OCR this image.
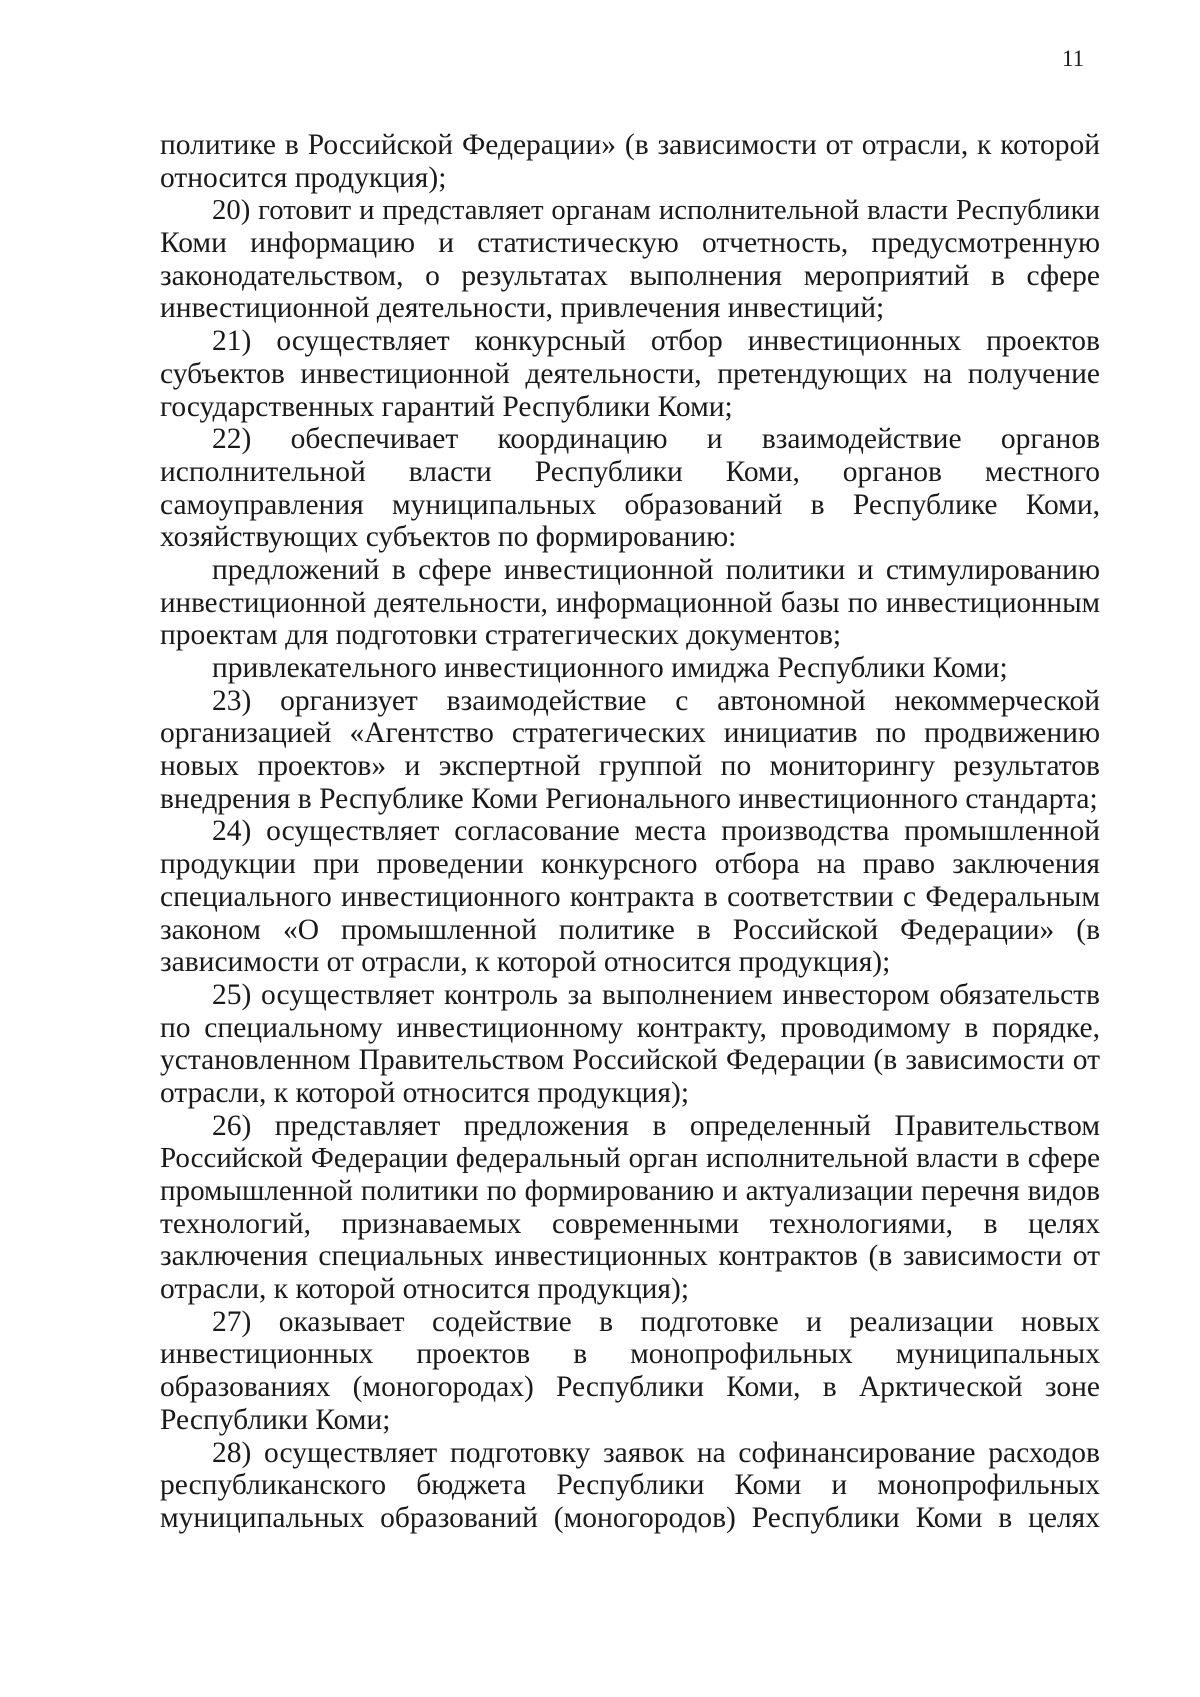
11
политике в Российской Федерации» (в зависимости от отрасли, к которой
относится продукция);
20) готовит и представляет органам исполнительной власти Республики
Коми информацию и статистическую отчетность, предусмотренную
законодательством, о результатах выполнения мероприятий в сфере
инвестиционной деятельности, привлечения инвестиций;
21) осуществляет конкурсный отбор инвестиционных проектов
субъектов инвестиционной деятельности, претендующих на получение
государственных гарантий Республики Коми;
22) обеспечивает координацию и взаимодействие органов
исполнительной власти Республики Коми, органов местного
самоуправления муниципальных образований в Республике Коми,
хозяйствующих субъектов по формированию:
предложений в сфере инвестиционной политики и стимулированию
инвестиционной деятельности, информационной базы по инвестиционным
проектам для подготовки стратегических документов;
привлекательного инвестиционного имиджа Республики Коми;
23) организует взаимодействие с автономной некоммерческой
организацией «Агентство стратегических инициатив по продвижению
новых проектов» и экспертной группой по мониторингу результатов
внедрения в Республике Коми Регионального инвестиционного стандарта;
24) осуществляет согласование места производства промышленной
продукции при проведении конкурсного отбора на право заключения
специального инвестиционного контракта в соответствии с Федеральным
законом «О промышленной политике в Российской Федерации» (в
зависимости от отрасли, к которой относится продукция);
25) осуществляет контроль за выполнением инвестором обязательств
по специальному инвестиционному контракту, проводимому в порядке,
установленном Правительством Российской Федерации (в зависимости от
отрасли, к которой относится продукция);
26) представляет предложения в определенный Правительством
Российской Федерации федеральный орган исполнительной власти в сфере
промышленной политики по формированию и актуализации перечня видов
технологий, признаваемых современными технологиями, в целях
заключения специальных инвестиционных контрактов (в зависимости от
отрасли, к которой относится продукция);
27) оказывает содействие в подготовке и реализации новых
инвестиционных проектов в монопрофильных муниципальных
образованиях (моногородах) Республики Коми, в Арктической зоне
Республики Коми;
28) осуществляет подготовку заявок на софинансирование расходов
республиканского бюджета Республики Коми и монопрофильных
муниципальных образований (моногородов) Республики Коми в целях
